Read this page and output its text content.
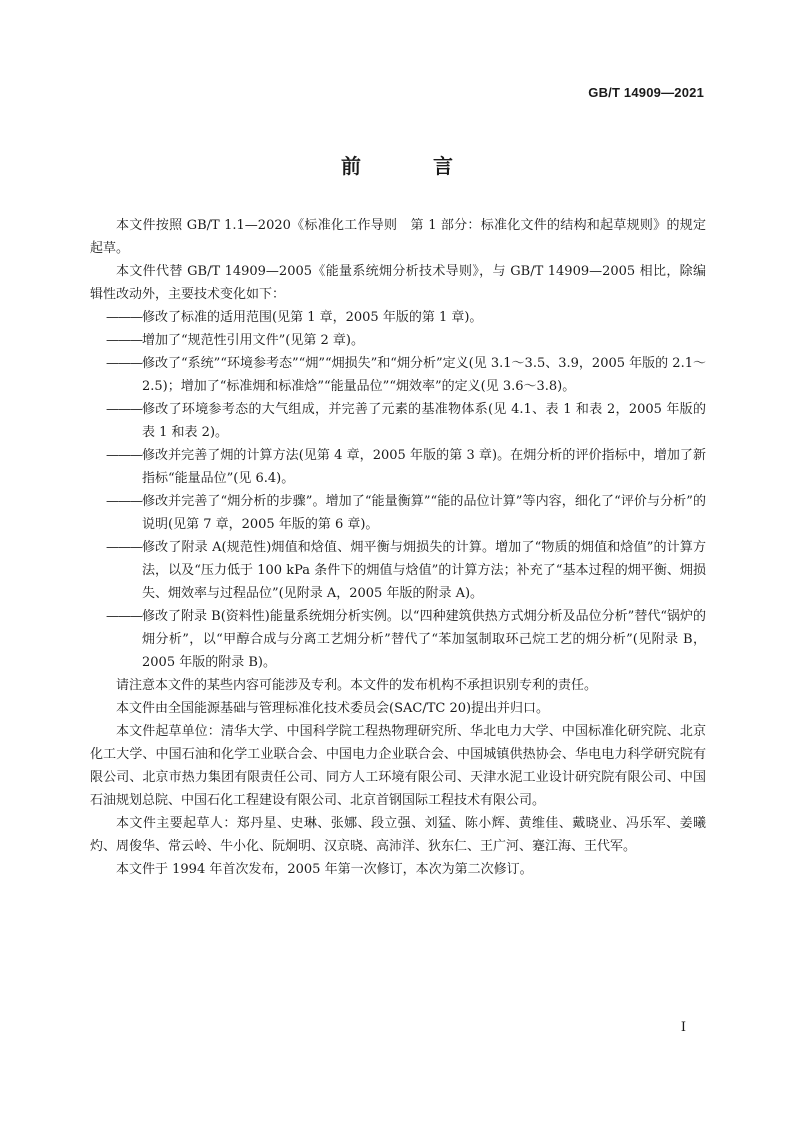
GB/T 14909—2021
前　言

本文件按照 GB/T 1.1—2020《标准化工作导则　第 1 部分：标准化文件的结构和起草规则》的规定起草。

本文件代替 GB/T 14909—2005《能量系统㶲分析技术导则》，与 GB/T 14909—2005 相比，除编辑性改动外，主要技术变化如下：

———
修改了标准的适用范围(见第 1 章，2005 年版的第 1 章)。
———
增加了“规范性引用文件”(见第 2 章)。
———
修改了“系统”“环境参考态”“㶲”“㶲损失”和“㶲分析”定义(见 3.1～3.5、3.9，2005 年版的 2.1～2.5)；增加了“标准㶲和标准焓”“能量品位”“㶲效率”的定义(见 3.6～3.8)。
———
修改了环境参考态的大气组成，并完善了元素的基准物体系(见 4.1、表 1 和表 2，2005 年版的表 1 和表 2)。
———
修改并完善了㶲的计算方法(见第 4 章，2005 年版的第 3 章)。在㶲分析的评价指标中，增加了新指标“能量品位”(见 6.4)。
———
修改并完善了“㶲分析的步骤”。增加了“能量衡算”“能的品位计算”等内容，细化了“评价与分析”的说明(见第 7 章，2005 年版的第 6 章)。
———
修改了附录 A(规范性)㶲值和焓值、㶲平衡与㶲损失的计算。增加了“物质的㶲值和焓值”的计算方法，以及“压力低于 100 kPa 条件下的㶲值与焓值”的计算方法；补充了“基本过程的㶲平衡、㶲损失、㶲效率与过程品位”(见附录 A，2005 年版的附录 A)。
———
修改了附录 B(资料性)能量系统㶲分析实例。以“四种建筑供热方式㶲分析及品位分析”替代“锅炉的㶲分析”，以“甲醇合成与分离工艺㶲分析”替代了“苯加氢制取环己烷工艺的㶲分析”(见附录 B，2005 年版的附录 B)。

请注意本文件的某些内容可能涉及专利。本文件的发布机构不承担识别专利的责任。

本文件由全国能源基础与管理标准化技术委员会(SAC/TC 20)提出并归口。

本文件起草单位：清华大学、中国科学院工程热物理研究所、华北电力大学、中国标准化研究院、北京化工大学、中国石油和化学工业联合会、中国电力企业联合会、中国城镇供热协会、华电电力科学研究院有限公司、北京市热力集团有限责任公司、同方人工环境有限公司、天津水泥工业设计研究院有限公司、中国石油规划总院、中国石化工程建设有限公司、北京首钢国际工程技术有限公司。

本文件主要起草人：郑丹星、史琳、张娜、段立强、刘猛、陈小辉、黄维佳、戴晓业、冯乐军、姜曦灼、周俊华、常云岭、牛小化、阮炯明、汉京晓、高沛洋、狄东仁、王广河、蹇江海、王代军。

本文件于 1994 年首次发布，2005 年第一次修订，本次为第二次修订。

I
